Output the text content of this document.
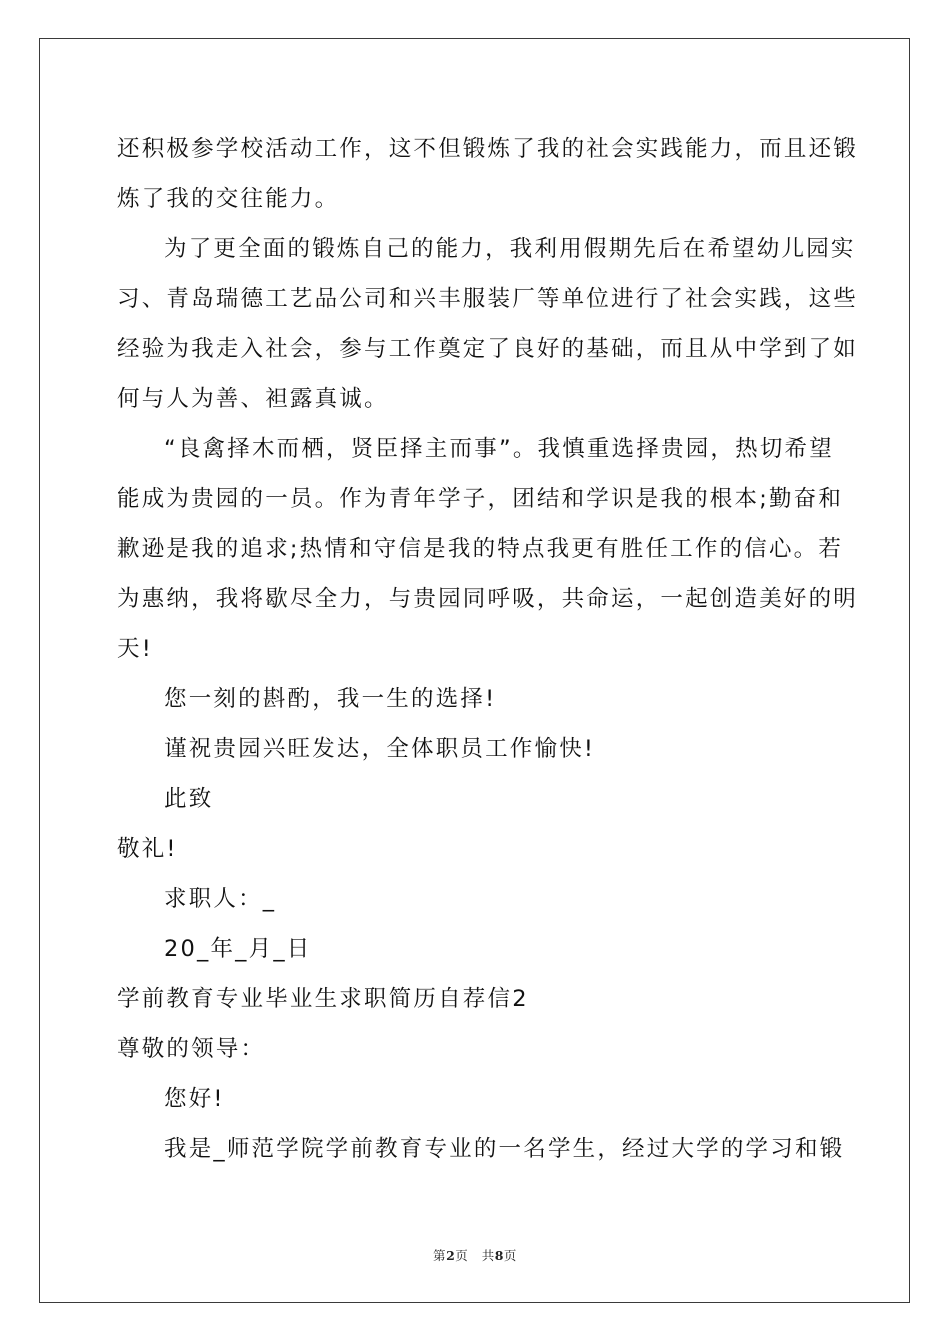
还积极参学校活动工作，这不但锻炼了我的社会实践能力，而且还锻
炼了我的交往能力。
为了更全面的锻炼自己的能力，我利用假期先后在希望幼儿园实
习、青岛瑞德工艺品公司和兴丰服装厂等单位进行了社会实践，这些
经验为我走入社会，参与工作奠定了良好的基础，而且从中学到了如
何与人为善、袒露真诚。
“良禽择木而栖，贤臣择主而事”。我慎重选择贵园，热切希望
能成为贵园的一员。作为青年学子，团结和学识是我的根本;勤奋和
歉逊是我的追求;热情和守信是我的特点我更有胜任工作的信心。若
为惠纳，我将歇尽全力，与贵园同呼吸，共命运，一起创造美好的明
天!
您一刻的斟酌，我一生的选择!
谨祝贵园兴旺发达，全体职员工作愉快!
此致
敬礼!
求职人：_
20_年_月_日
学前教育专业毕业生求职简历自荐信2
尊敬的领导：
您好!
我是_师范学院学前教育专业的一名学生，经过大学的学习和锻
第2页 共8页
